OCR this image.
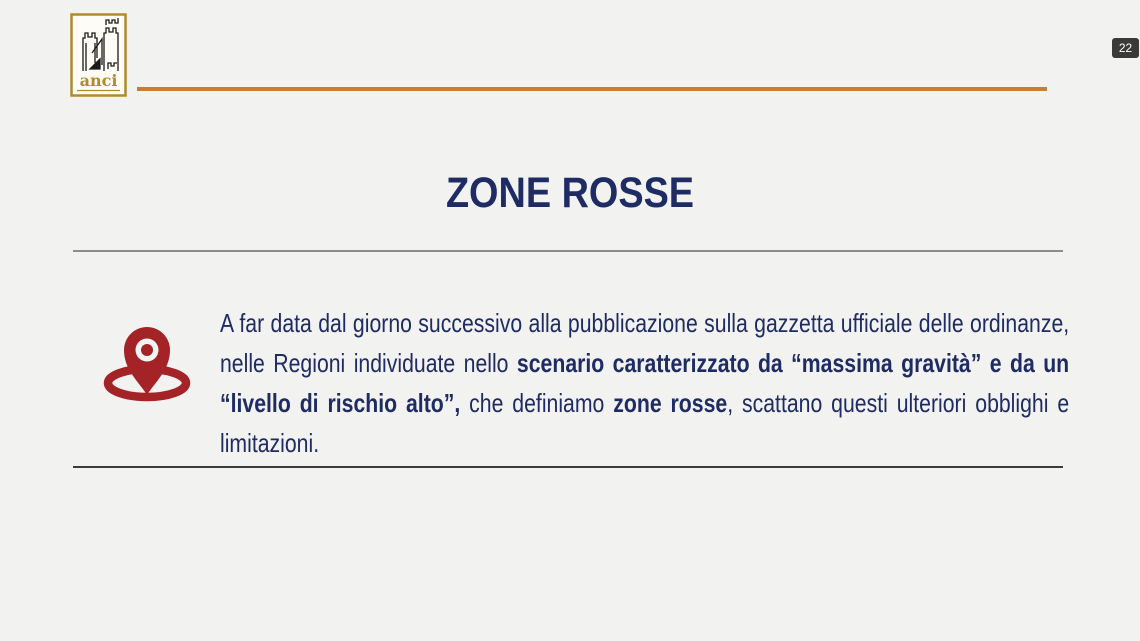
anci
22
ZONE ROSSE

A far data dal giorno successivo alla pubblicazione sulla gazzetta ufficiale delle ordinanze, nelle Regioni individuate nello scenario caratterizzato da “massima gravità” e da un “livello di rischio alto”, che definiamo zone rosse, scattano questi ulteriori obblighi e limitazioni.
